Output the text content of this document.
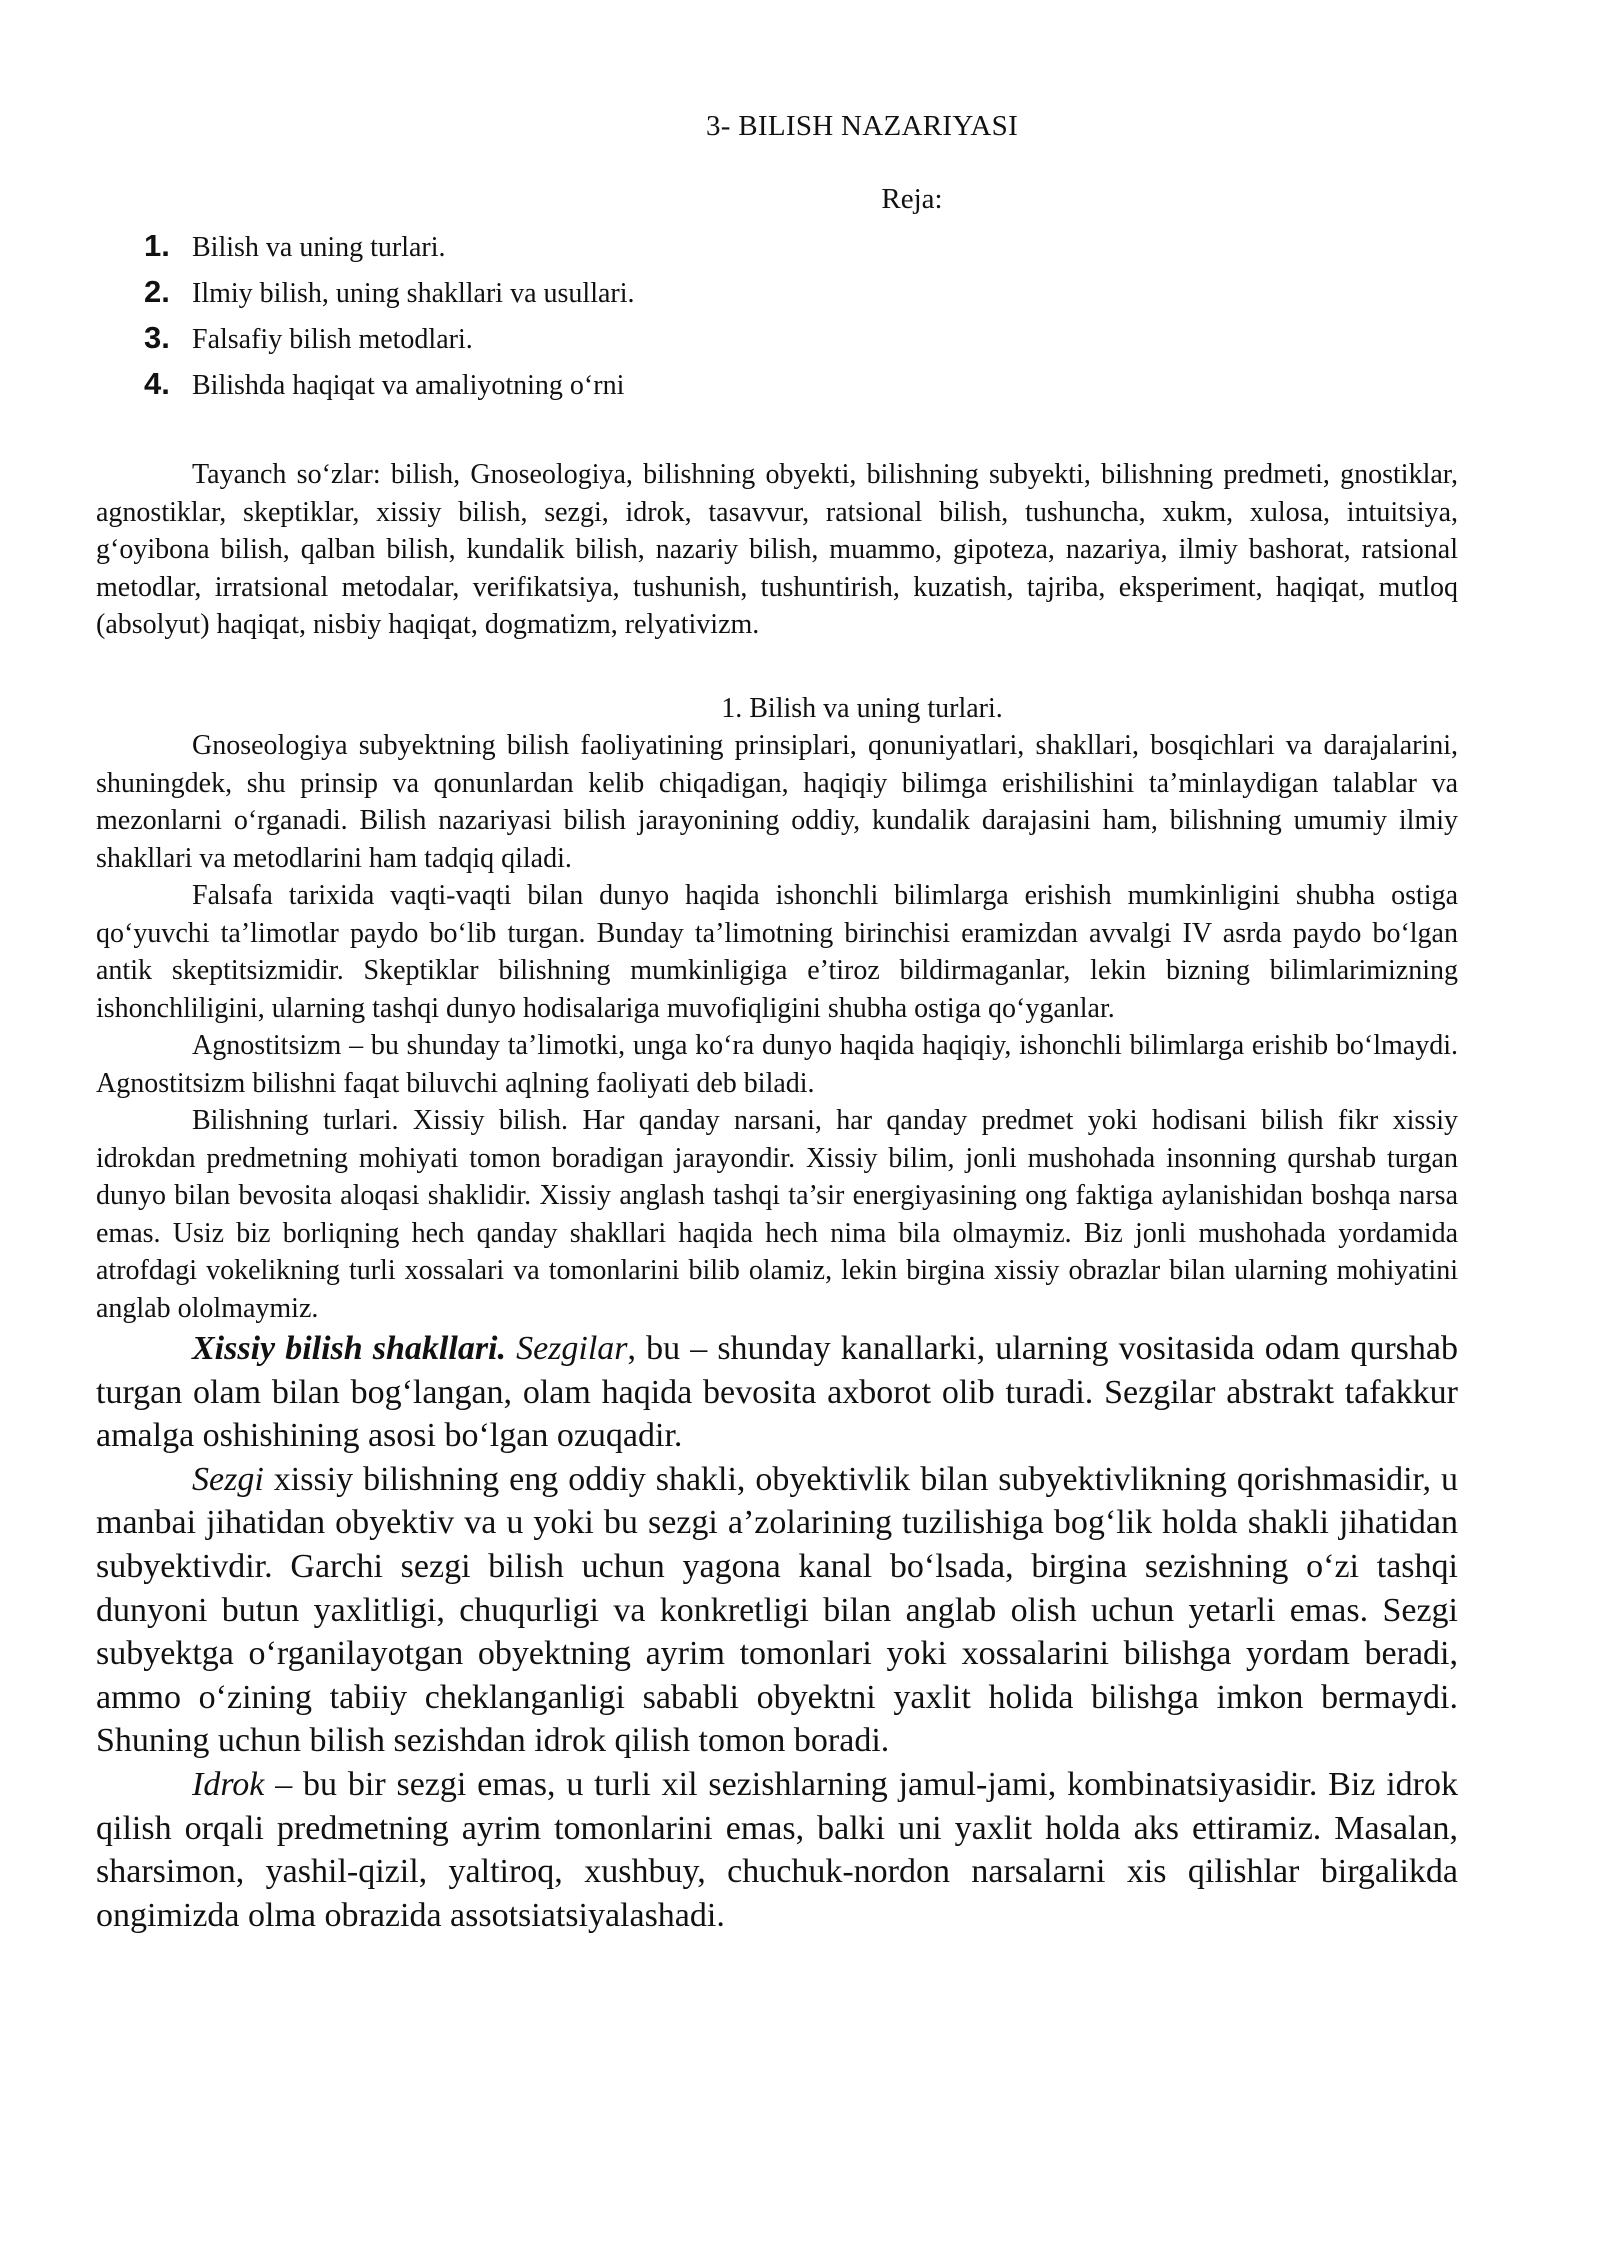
3- BILISH NAZARIYASI
Reja:
1. Bilish va uning turlari.
2. Ilmiy bilish, uning shakllari va usullari.
3. Falsafiy bilish metodlari.
4. Bilishda haqiqat va amaliyotning o‘rni

Tayanch so‘zlar: bilish, Gnoseologiya, bilishning obyekti, bilishning subyekti, bilishning predmeti, gnostiklar, agnostiklar, skeptiklar, xissiy bilish, sezgi, idrok, tasavvur, ratsional bilish, tushuncha, xukm, xulosa, intuitsiya, g‘oyibona bilish, qalban bilish, kundalik bilish, nazariy bilish, muammo, gipoteza, nazariya, ilmiy bashorat, ratsional metodlar, irratsional metodalar, verifikatsiya, tushunish, tushuntirish, kuzatish, tajriba, eksperiment, haqiqat, mutloq (absolyut) haqiqat, nisbiy haqiqat, dogmatizm, relyativizm.

1. Bilish va uning turlari.

Gnoseologiya subyektning bilish faoliyatining prinsiplari, qonuniyatlari, shakllari, bosqichlari va darajalarini, shuningdek, shu prinsip va qonunlardan kelib chiqadigan, haqiqiy bilimga erishilishini ta’minlaydigan talablar va mezonlarni o‘rganadi. Bilish nazariyasi bilish jarayonining oddiy, kundalik darajasini ham, bilishning umumiy ilmiy shakllari va metodlarini ham tadqiq qiladi.

Falsafa tarixida vaqti-vaqti bilan dunyo haqida ishonchli bilimlarga erishish mumkinligini shubha ostiga qo‘yuvchi ta’limotlar paydo bo‘lib turgan. Bunday ta’limotning birinchisi eramizdan avvalgi IV asrda paydo bo‘lgan antik skeptitsizmidir. Skeptiklar bilishning mumkinligiga e’tiroz bildirmaganlar, lekin bizning bilimlarimizning ishonchliligini, ularning tashqi dunyo hodisalariga muvofiqligini shubha ostiga qo‘yganlar.

Agnostitsizm – bu shunday ta’limotki, unga ko‘ra dunyo haqida haqiqiy, ishonchli bilimlarga erishib bo‘lmaydi. Agnostitsizm bilishni faqat biluvchi aqlning faoliyati deb biladi.

Bilishning turlari. Xissiy bilish. Har qanday narsani, har qanday predmet yoki hodisani bilish fikr xissiy idrokdan predmetning mohiyati tomon boradigan jarayondir. Xissiy bilim, jonli mushohada insonning qurshab turgan dunyo bilan bevosita aloqasi shaklidir. Xissiy anglash tashqi ta’sir energiyasining ong faktiga aylanishidan boshqa narsa emas. Usiz biz borliqning hech qanday shakllari haqida hech nima bila olmaymiz. Biz jonli mushohada yordamida atrofdagi vokelikning turli xossalari va tomonlarini bilib olamiz, lekin birgina xissiy obrazlar bilan ularning mohiyatini anglab ololmaymiz.

Xissiy bilish shakllari. Sezgilar, bu – shunday kanallarki, ularning vositasida odam qurshab turgan olam bilan bog‘langan, olam haqida bevosita axborot olib turadi. Sezgilar abstrakt tafakkur amalga oshishining asosi bo‘lgan ozuqadir.

Sezgi xissiy bilishning eng oddiy shakli, obyektivlik bilan subyektivlikning qorishmasidir, u manbai jihatidan obyektiv va u yoki bu sezgi a’zolarining tuzilishiga bog‘lik holda shakli jihatidan subyektivdir. Garchi sezgi bilish uchun yagona kanal bo‘lsada, birgina sezishning o‘zi tashqi dunyoni butun yaxlitligi, chuqurligi va konkretligi bilan anglab olish uchun yetarli emas. Sezgi subyektga o‘rganilayotgan obyektning ayrim tomonlari yoki xossalarini bilishga yordam beradi, ammo o‘zining tabiiy cheklanganligi sababli obyektni yaxlit holida bilishga imkon bermaydi. Shuning uchun bilish sezishdan idrok qilish tomon boradi.

Idrok – bu bir sezgi emas, u turli xil sezishlarning jamul-jami, kombinatsiyasidir. Biz idrok qilish orqali predmetning ayrim tomonlarini emas, balki uni yaxlit holda aks ettiramiz. Masalan, sharsimon, yashil-qizil, yaltiroq, xushbuy, chuchuk-nordon narsalarni xis qilishlar birgalikda ongimizda olma obrazida assotsiatsiyalashadi.
